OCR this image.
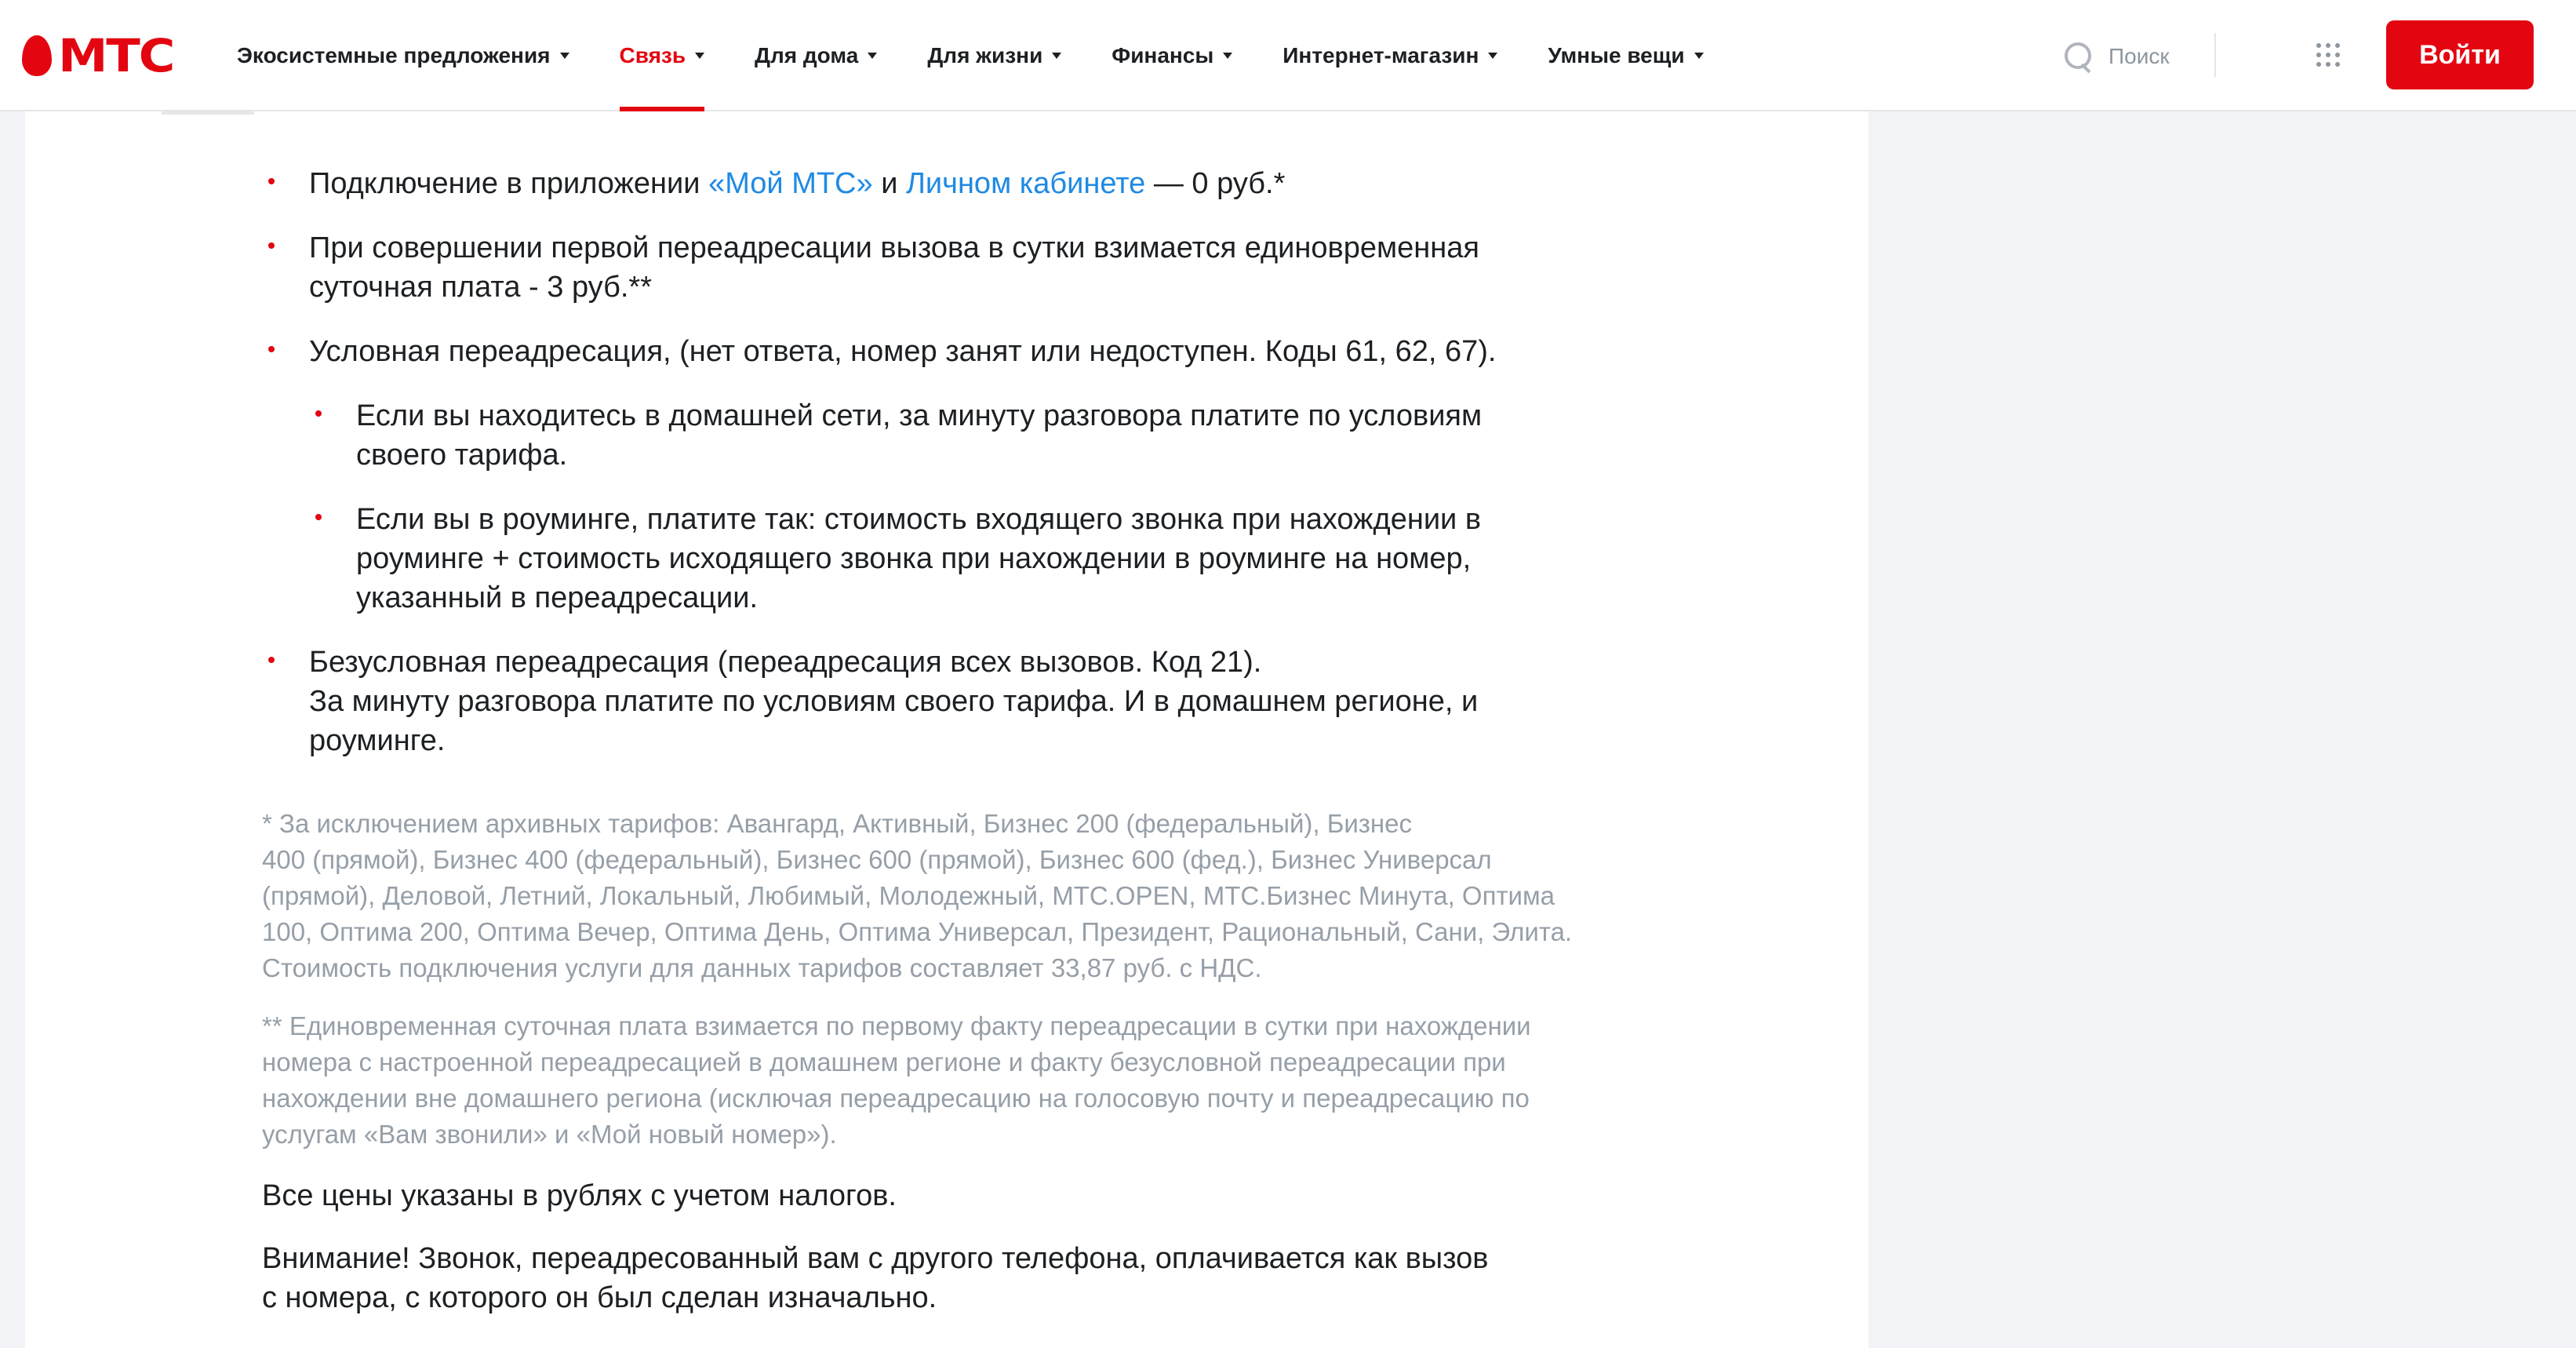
МТС	Экосистемные предложения	Связь	Для дома	Для жизни	Финансы	Интернет-магазин	Умные вещи	Поиск	Войти
Подключение в приложении «Мой МТС» и Личном кабинете — 0 руб.*
При совершении первой переадресации вызова в сутки взимается единовременная
суточная плата - 3 руб.**
Условная переадресация, (нет ответа, номер занят или недоступен. Коды 61, 62, 67).
Если вы находитесь в домашней сети, за минуту разговора платите по условиям
своего тарифа.
Если вы в роуминге, платите так: стоимость входящего звонка при нахождении в
роуминге + стоимость исходящего звонка при нахождении в роуминге на номер,
указанный в переадресации.
Безусловная переадресация (переадресация всех вызовов. Код 21).
За минуту разговора платите по условиям своего тарифа. И в домашнем регионе, и
роуминге.
* За исключением архивных тарифов: Авангард, Активный, Бизнес 200 (федеральный), Бизнес
400 (прямой), Бизнес 400 (федеральный), Бизнес 600 (прямой), Бизнес 600 (фед.), Бизнес Универсал
(прямой), Деловой, Летний, Локальный, Любимый, Молодежный, МТС.OPEN, МТС.Бизнес Минута, Оптима
100, Оптима 200, Оптима Вечер, Оптима День, Оптима Универсал, Президент, Рациональный, Сани, Элита.
Стоимость подключения услуги для данных тарифов составляет 33,87 руб. с НДС.
** Единовременная суточная плата взимается по первому факту переадресации в сутки при нахождении
номера с настроенной переадресацией в домашнем регионе и факту безусловной переадресации при
нахождении вне домашнего региона (исключая переадресацию на голосовую почту и переадресацию по
услугам «Вам звонили» и «Мой новый номер»).
Все цены указаны в рублях с учетом налогов.
Внимание! Звонок, переадресованный вам с другого телефона, оплачивается как вызов
с номера, с которого он был сделан изначально.
